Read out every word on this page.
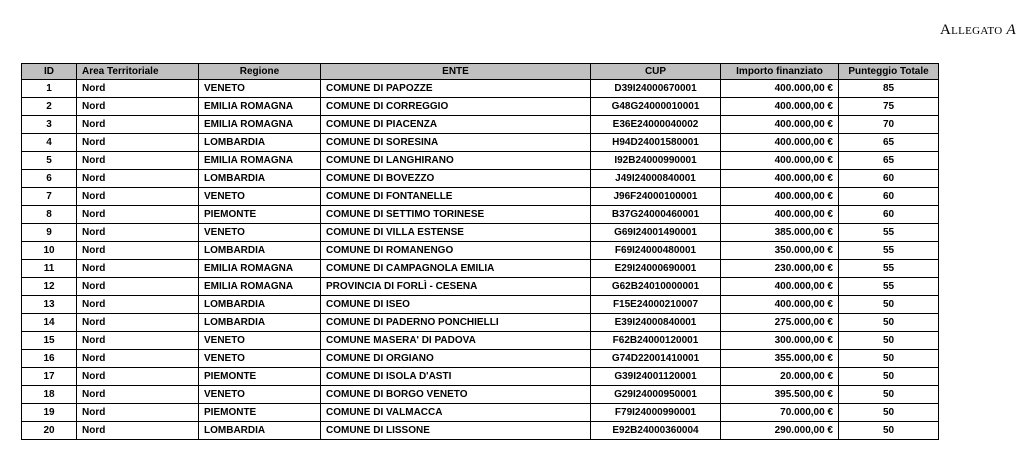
Allegato A
ID	Area Territoriale	Regione	ENTE	CUP	Importo finanziato	Punteggio Totale
1	Nord	VENETO	COMUNE DI PAPOZZE	D39I24000670001	400.000,00 €	85
2	Nord	EMILIA ROMAGNA	COMUNE DI CORREGGIO	G48G24000010001	400.000,00 €	75
3	Nord	EMILIA ROMAGNA	COMUNE DI PIACENZA	E36E24000040002	400.000,00 €	70
4	Nord	LOMBARDIA	COMUNE DI SORESINA	H94D24001580001	400.000,00 €	65
5	Nord	EMILIA ROMAGNA	COMUNE DI LANGHIRANO	I92B24000990001	400.000,00 €	65
6	Nord	LOMBARDIA	COMUNE DI BOVEZZO	J49I24000840001	400.000,00 €	60
7	Nord	VENETO	COMUNE DI FONTANELLE	J96F24000100001	400.000,00 €	60
8	Nord	PIEMONTE	COMUNE DI SETTIMO TORINESE	B37G24000460001	400.000,00 €	60
9	Nord	VENETO	COMUNE DI VILLA ESTENSE	G69I24001490001	385.000,00 €	55
10	Nord	LOMBARDIA	COMUNE DI ROMANENGO	F69I24000480001	350.000,00 €	55
11	Nord	EMILIA ROMAGNA	COMUNE DI CAMPAGNOLA EMILIA	E29I24000690001	230.000,00 €	55
12	Nord	EMILIA ROMAGNA	PROVINCIA DI FORLÌ - CESENA	G62B24010000001	400.000,00 €	55
13	Nord	LOMBARDIA	COMUNE DI ISEO	F15E24000210007	400.000,00 €	50
14	Nord	LOMBARDIA	COMUNE DI PADERNO PONCHIELLI	E39I24000840001	275.000,00 €	50
15	Nord	VENETO	COMUNE MASERA' DI PADOVA	F62B24000120001	300.000,00 €	50
16	Nord	VENETO	COMUNE DI ORGIANO	G74D22001410001	355.000,00 €	50
17	Nord	PIEMONTE	COMUNE DI ISOLA D'ASTI	G39I24001120001	20.000,00 €	50
18	Nord	VENETO	COMUNE DI BORGO VENETO	G29I24000950001	395.500,00 €	50
19	Nord	PIEMONTE	COMUNE DI VALMACCA	F79I24000990001	70.000,00 €	50
20	Nord	LOMBARDIA	COMUNE DI LISSONE	E92B24000360004	290.000,00 €	50
